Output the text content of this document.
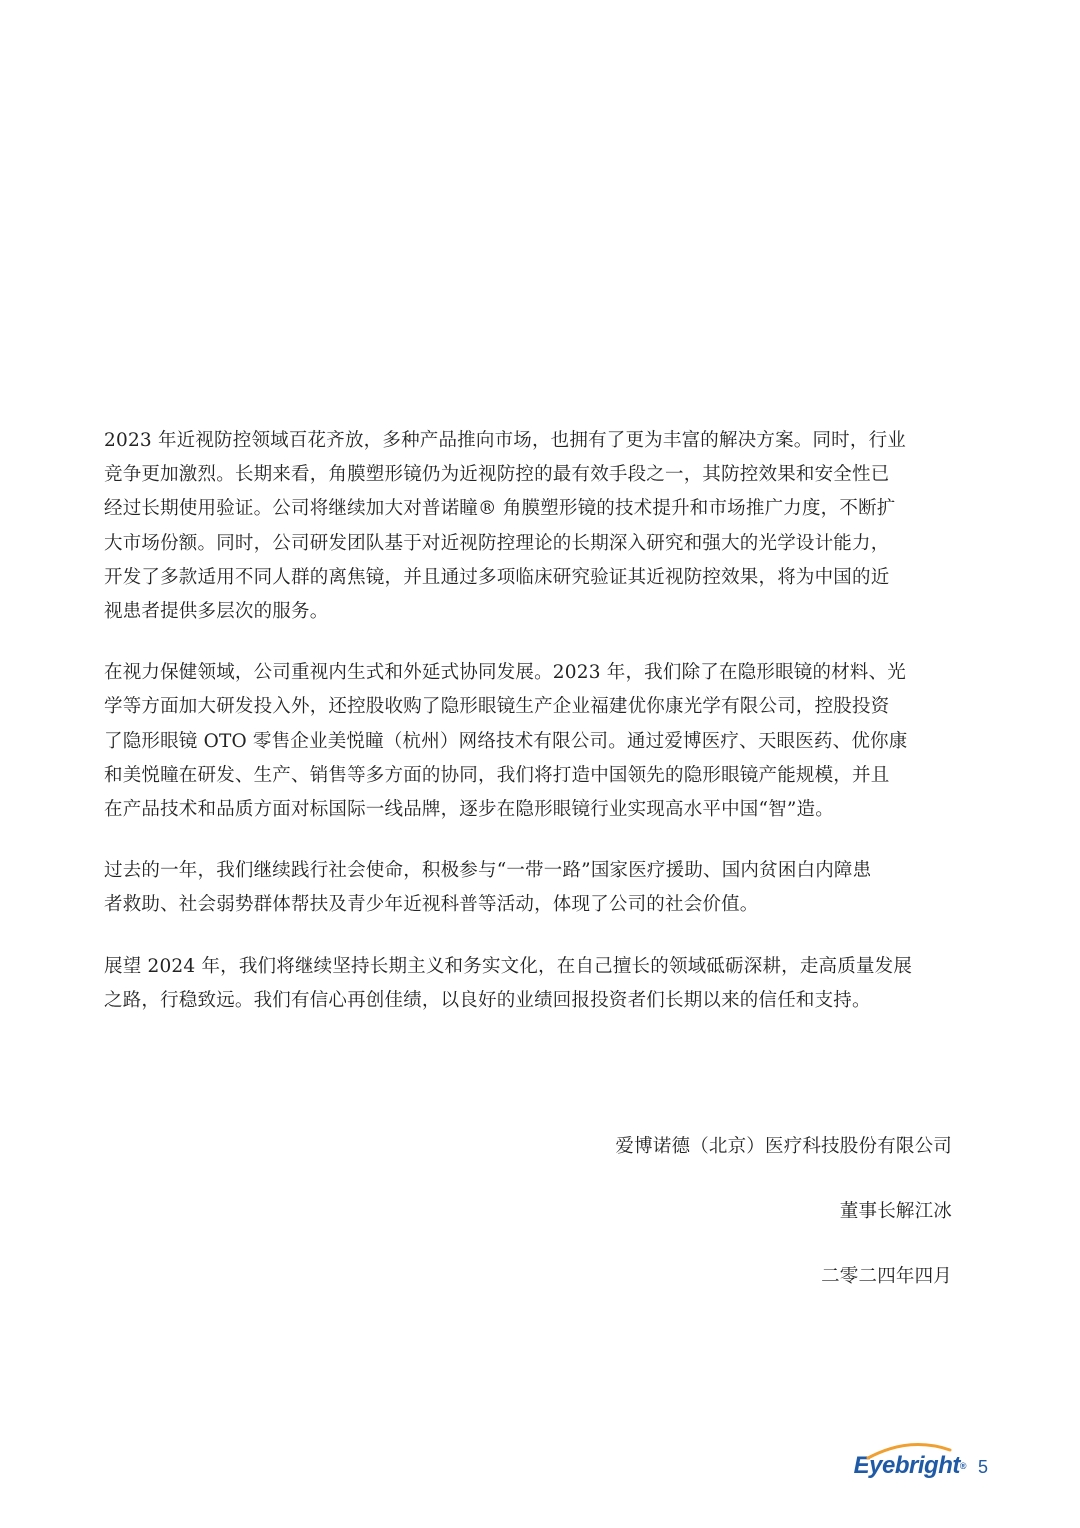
2023 年近视防控领域百花齐放，多种产品推向市场，也拥有了更为丰富的解决方案。同时，行业
竞争更加激烈。长期来看，角膜塑形镜仍为近视防控的最有效手段之一，其防控效果和安全性已
经过长期使用验证。公司将继续加大对普诺瞳® 角膜塑形镜的技术提升和市场推广力度，不断扩
大市场份额。同时，公司研发团队基于对近视防控理论的长期深入研究和强大的光学设计能力，
开发了多款适用不同人群的离焦镜，并且通过多项临床研究验证其近视防控效果，将为中国的近
视患者提供多层次的服务。

在视力保健领域，公司重视内生式和外延式协同发展。2023 年，我们除了在隐形眼镜的材料、光
学等方面加大研发投入外，还控股收购了隐形眼镜生产企业福建优你康光学有限公司，控股投资
了隐形眼镜 OTO 零售企业美悦瞳（杭州）网络技术有限公司。通过爱博医疗、天眼医药、优你康
和美悦瞳在研发、生产、销售等多方面的协同，我们将打造中国领先的隐形眼镜产能规模，并且
在产品技术和品质方面对标国际一线品牌，逐步在隐形眼镜行业实现高水平中国“智”造。

过去的一年，我们继续践行社会使命，积极参与“一带一路”国家医疗援助、国内贫困白内障患
者救助、社会弱势群体帮扶及青少年近视科普等活动，体现了公司的社会价值。

展望 2024 年，我们将继续坚持长期主义和务实文化，在自己擅长的领域砥砺深耕，走高质量发展
之路，行稳致远。我们有信心再创佳绩，以良好的业绩回报投资者们长期以来的信任和支持。

爱博诺德（北京）医疗科技股份有限公司
董事长解江冰
二零二四年四月
Eyebright® 5
